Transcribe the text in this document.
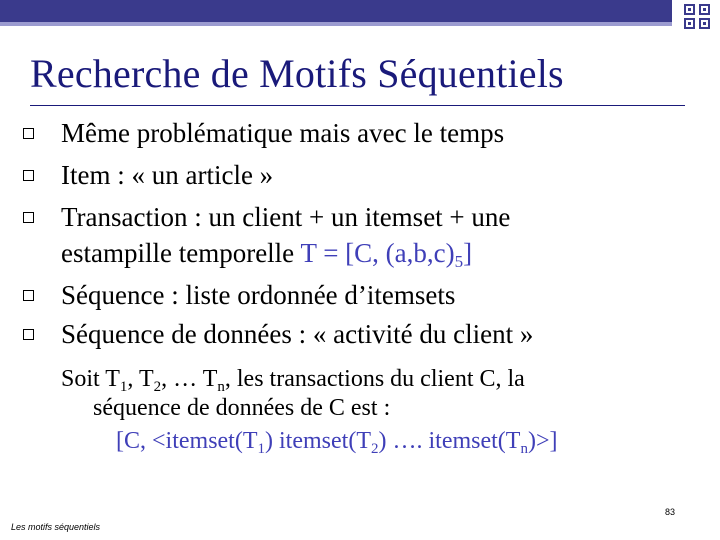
Recherche de Motifs Séquentiels
Même problématique mais avec le temps
Item : « un article »
Transaction : un client + un itemset + une
estampille temporelle T = [C, $(a,b,c)_5$]
Séquence : liste ordonnée d’itemsets
Séquence de données : « activité du client »
Soit $T_1$, $T_2$, … $T_n$, les transactions du client C, la
séquence de données de C est :
[C, $<itemset(T_1)$ $itemset(T_2)$ …. $itemset(T_n)>$]
83
Les motifs séquentiels
